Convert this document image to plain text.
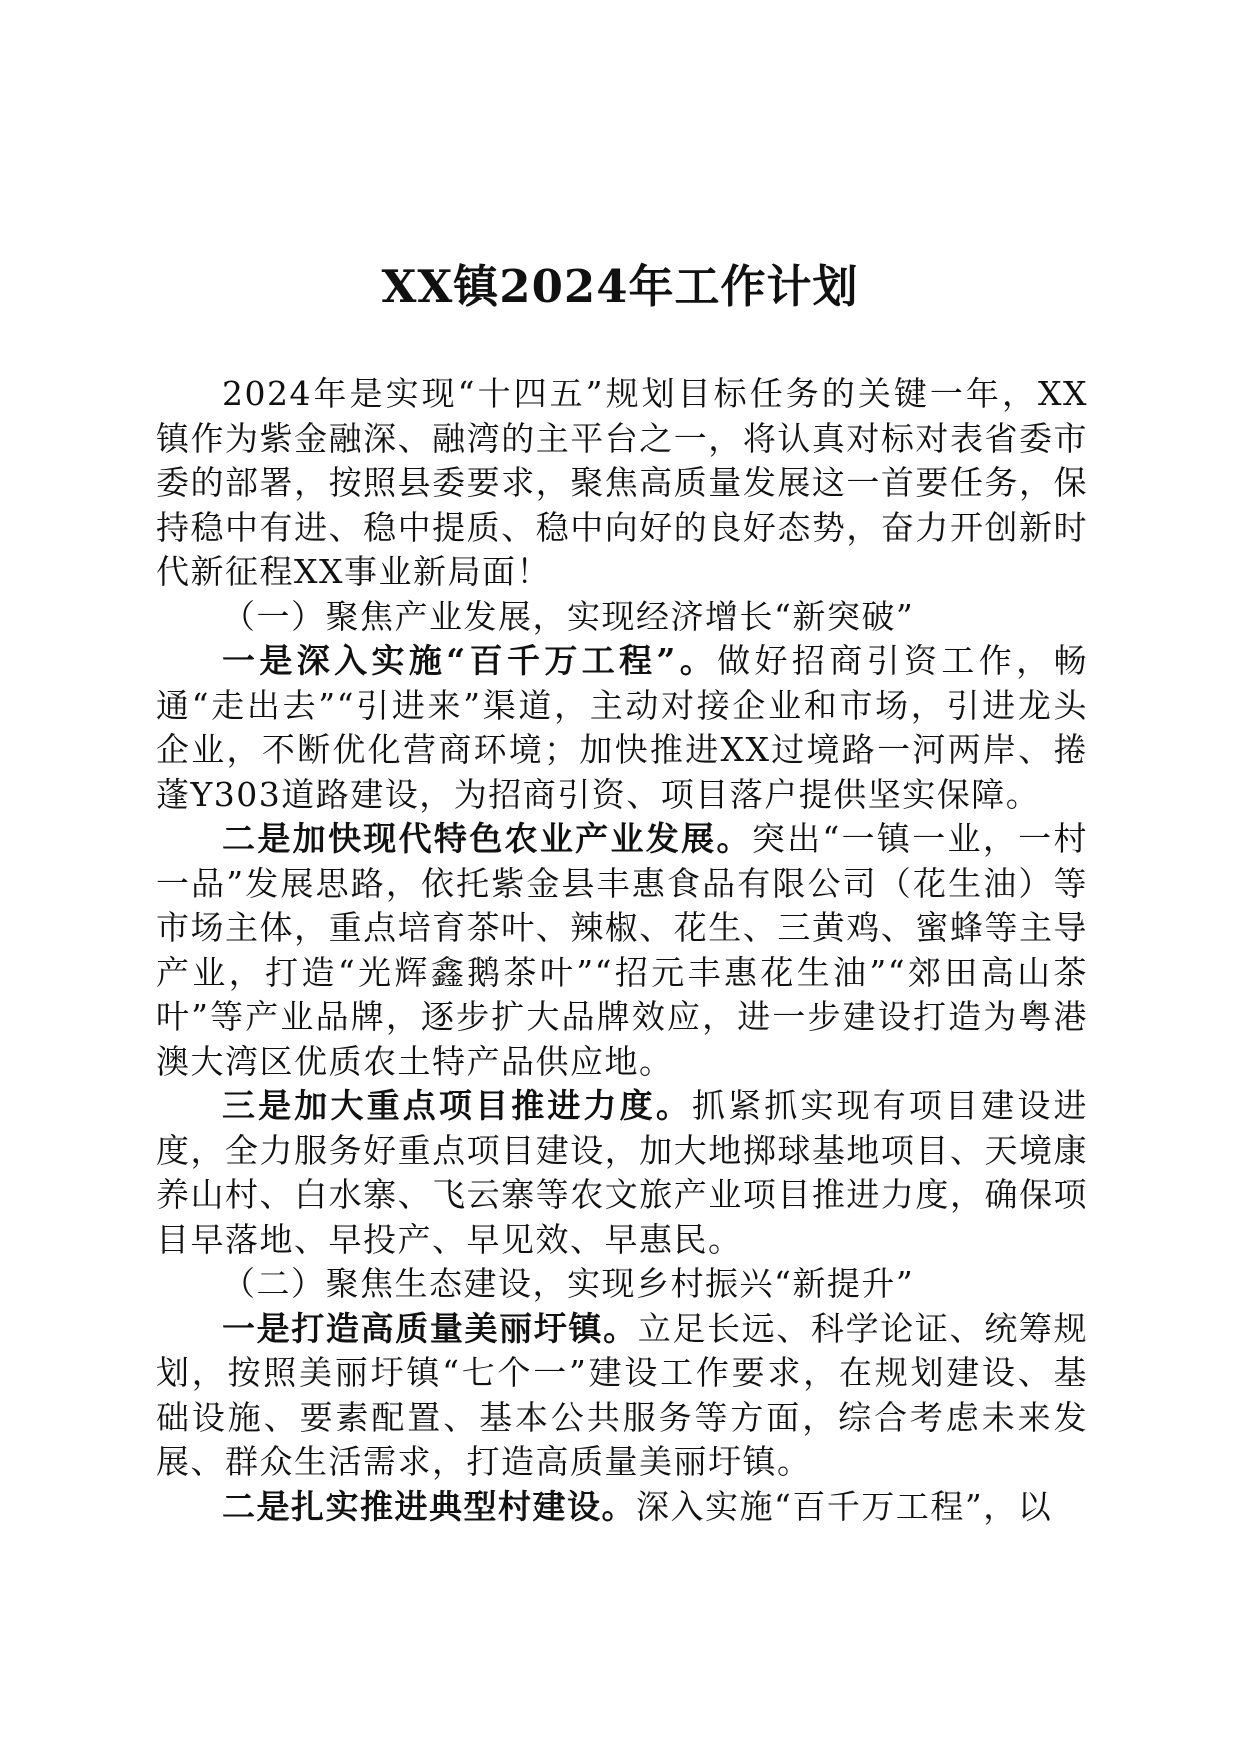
XX镇2024年工作计划

2024年是实现“十四五”规划目标任务的关键一年，XX镇作为紫金融深、融湾的主平台之一，将认真对标对表省委市委的部署，按照县委要求，聚焦高质量发展这一首要任务，保持稳中有进、稳中提质、稳中向好的良好态势，奋力开创新时代新征程XX事业新局面！

（一）聚焦产业发展，实现经济增长“新突破”

一是深入实施“百千万工程”。做好招商引资工作，畅通“走出去”“引进来”渠道，主动对接企业和市场，引进龙头企业，不断优化营商环境；加快推进XX过境路一河两岸、捲蓬Y303道路建设，为招商引资、项目落户提供坚实保障。

二是加快现代特色农业产业发展。突出“一镇一业，一村一品”发展思路，依托紫金县丰惠食品有限公司（花生油）等市场主体，重点培育茶叶、辣椒、花生、三黄鸡、蜜蜂等主导产业，打造“光辉鑫鹅茶叶”“招元丰惠花生油”“郊田高山茶叶”等产业品牌，逐步扩大品牌效应，进一步建设打造为粤港澳大湾区优质农土特产品供应地。

三是加大重点项目推进力度。抓紧抓实现有项目建设进度，全力服务好重点项目建设，加大地掷球基地项目、天境康养山村、白水寨、飞云寨等农文旅产业项目推进力度，确保项目早落地、早投产、早见效、早惠民。

（二）聚焦生态建设，实现乡村振兴“新提升”

一是打造高质量美丽圩镇。立足长远、科学论证、统筹规划，按照美丽圩镇“七个一”建设工作要求，在规划建设、基础设施、要素配置、基本公共服务等方面，综合考虑未来发展、群众生活需求，打造高质量美丽圩镇。

二是扎实推进典型村建设。深入实施“百千万工程”，以
